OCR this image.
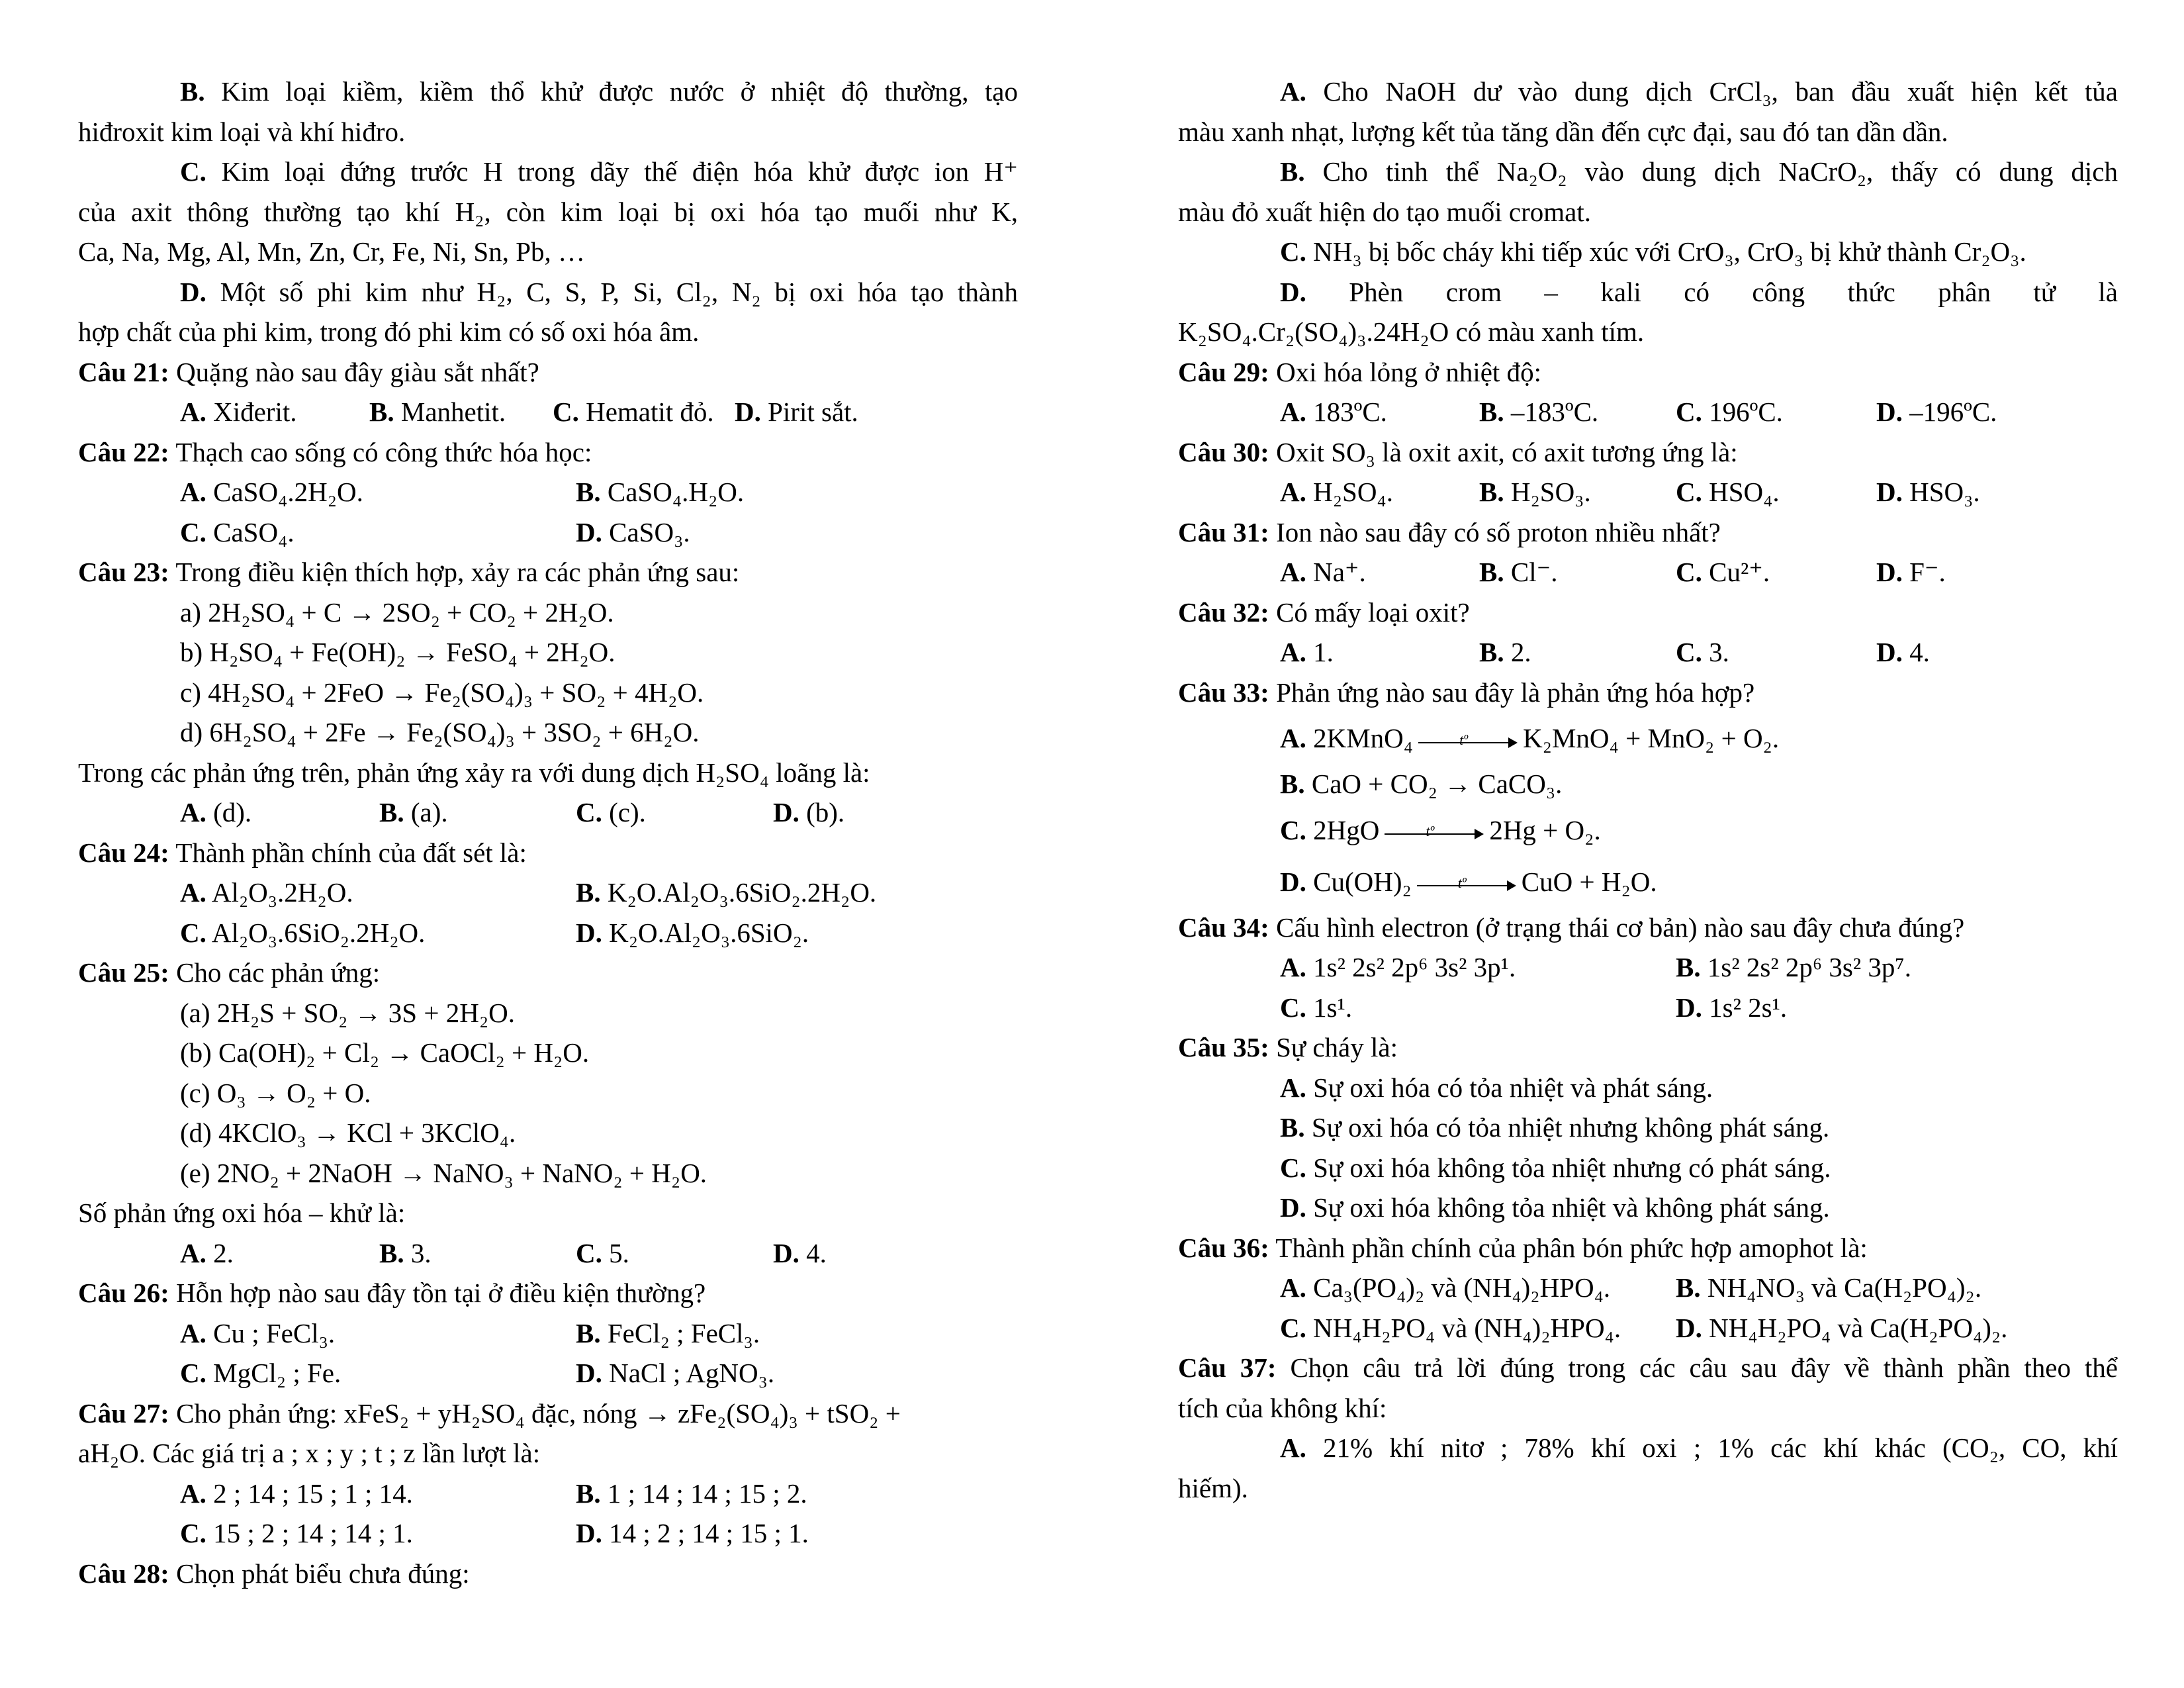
B. Kim loại kiềm, kiềm thổ khử được nước ở nhiệt độ thường, tạo
hiđroxit kim loại và khí hiđro.
C. Kim loại đứng trước H trong dãy thế điện hóa khử được ion H⁺
của axit thông thường tạo khí H₂, còn kim loại bị oxi hóa tạo muối như K,
Ca, Na, Mg, Al, Mn, Zn, Cr, Fe, Ni, Sn, Pb, …
D. Một số phi kim như H₂, C, S, P, Si, Cl₂, N₂ bị oxi hóa tạo thành
hợp chất của phi kim, trong đó phi kim có số oxi hóa âm.
Câu 21: Quặng nào sau đây giàu sắt nhất?
A. Xiđerit.	B. Manhetit. C. Hematit đỏ. D. Pirit sắt.
Câu 22: Thạch cao sống có công thức hóa học:
A. CaSO₄.2H₂O.	B. CaSO₄.H₂O.
C. CaSO₄.	D. CaSO₃.
Câu 23: Trong điều kiện thích hợp, xảy ra các phản ứng sau:
a) 2H₂SO₄ + C → 2SO₂ + CO₂ + 2H₂O.
b) H₂SO₄ + Fe(OH)₂ → FeSO₄ + 2H₂O.
c) 4H₂SO₄ + 2FeO → Fe₂(SO₄)₃ + SO₂ + 4H₂O.
d) 6H₂SO₄ + 2Fe → Fe₂(SO₄)₃ + 3SO₂ + 6H₂O.
Trong các phản ứng trên, phản ứng xảy ra với dung dịch H₂SO₄ loãng là:
A. (d).	B. (a).	C. (c).	D. (b).
Câu 24: Thành phần chính của đất sét là:
A. Al₂O₃.2H₂O.	B. K₂O.Al₂O₃.6SiO₂.2H₂O.
C. Al₂O₃.6SiO₂.2H₂O.	D. K₂O.Al₂O₃.6SiO₂.
Câu 25: Cho các phản ứng:
(a) 2H₂S + SO₂ → 3S + 2H₂O.
(b) Ca(OH)₂ + Cl₂ → CaOCl₂ + H₂O.
(c) O₃ → O₂ + O.
(d) 4KClO₃ → KCl + 3KClO₄.
(e) 2NO₂ + 2NaOH → NaNO₃ + NaNO₂ + H₂O.
Số phản ứng oxi hóa – khử là:
A. 2.	B. 3.	C. 5.	D. 4.
Câu 26: Hỗn hợp nào sau đây tồn tại ở điều kiện thường?
A. Cu ; FeCl₃.	B. FeCl₂ ; FeCl₃.
C. MgCl₂ ; Fe.	D. NaCl ; AgNO₃.
Câu 27: Cho phản ứng: xFeS₂ + yH₂SO₄ đặc, nóng → zFe₂(SO₄)₃ + tSO₂ +
aH₂O. Các giá trị a ; x ; y ; t ; z lần lượt là:
A. 2 ; 14 ; 15 ; 1 ; 14.	B. 1 ; 14 ; 14 ; 15 ; 2.
C. 15 ; 2 ; 14 ; 14 ; 1.	D. 14 ; 2 ; 14 ; 15 ; 1.
Câu 28: Chọn phát biểu chưa đúng:
A. Cho NaOH dư vào dung dịch CrCl₃, ban đầu xuất hiện kết tủa
màu xanh nhạt, lượng kết tủa tăng dần đến cực đại, sau đó tan dần dần.
B. Cho tinh thể Na₂O₂ vào dung dịch NaCrO₂, thấy có dung dịch
màu đỏ xuất hiện do tạo muối cromat.
C. NH₃ bị bốc cháy khi tiếp xúc với CrO₃, CrO₃ bị khử thành Cr₂O₃.
D. Phèn crom – kali có công thức phân tử là
K₂SO₄.Cr₂(SO₄)₃.24H₂O có màu xanh tím.
Câu 29: Oxi hóa lỏng ở nhiệt độ:
A. 183ºC.	B. –183ºC.	C. 196ºC.	D. –196ºC.
Câu 30: Oxit SO₃ là oxit axit, có axit tương ứng là:
A. H₂SO₄.	B. H₂SO₃.	C. HSO₄.	D. HSO₃.
Câu 31: Ion nào sau đây có số proton nhiều nhất?
A. Na⁺.	B. Cl⁻.	C. Cu²⁺.	D. F⁻.
Câu 32: Có mấy loại oxit?
A. 1.	B. 2.	C. 3.	D. 4.
Câu 33: Phản ứng nào sau đây là phản ứng hóa hợp?
A. 2KMnO₄	tº K₂MnO₄ + MnO₂ + O₂.
B. CaO + CO₂ → CaCO₃.
C. 2HgO	tº 2Hg + O₂.
D. Cu(OH)₂	tº CuO + H₂O.
Câu 34: Cấu hình electron (ở trạng thái cơ bản) nào sau đây chưa đúng?
A. 1s² 2s² 2p⁶ 3s² 3p¹.	B. 1s² 2s² 2p⁶ 3s² 3p⁷.
C. 1s¹.	D. 1s² 2s¹.
Câu 35: Sự cháy là:
A. Sự oxi hóa có tỏa nhiệt và phát sáng.
B. Sự oxi hóa có tỏa nhiệt nhưng không phát sáng.
C. Sự oxi hóa không tỏa nhiệt nhưng có phát sáng.
D. Sự oxi hóa không tỏa nhiệt và không phát sáng.
Câu 36: Thành phần chính của phân bón phức hợp amophot là:
A. Ca₃(PO₄)₂ và (NH₄)₂HPO₄. B. NH₄NO₃ và Ca(H₂PO₄)₂.
C. NH₄H₂PO₄ và (NH₄)₂HPO₄. D. NH₄H₂PO₄ và Ca(H₂PO₄)₂.
Câu 37: Chọn câu trả lời đúng trong các câu sau đây về thành phần theo thể
tích của không khí:
A. 21% khí nitơ ; 78% khí oxi ; 1% các khí khác (CO₂, CO, khí
hiếm).
